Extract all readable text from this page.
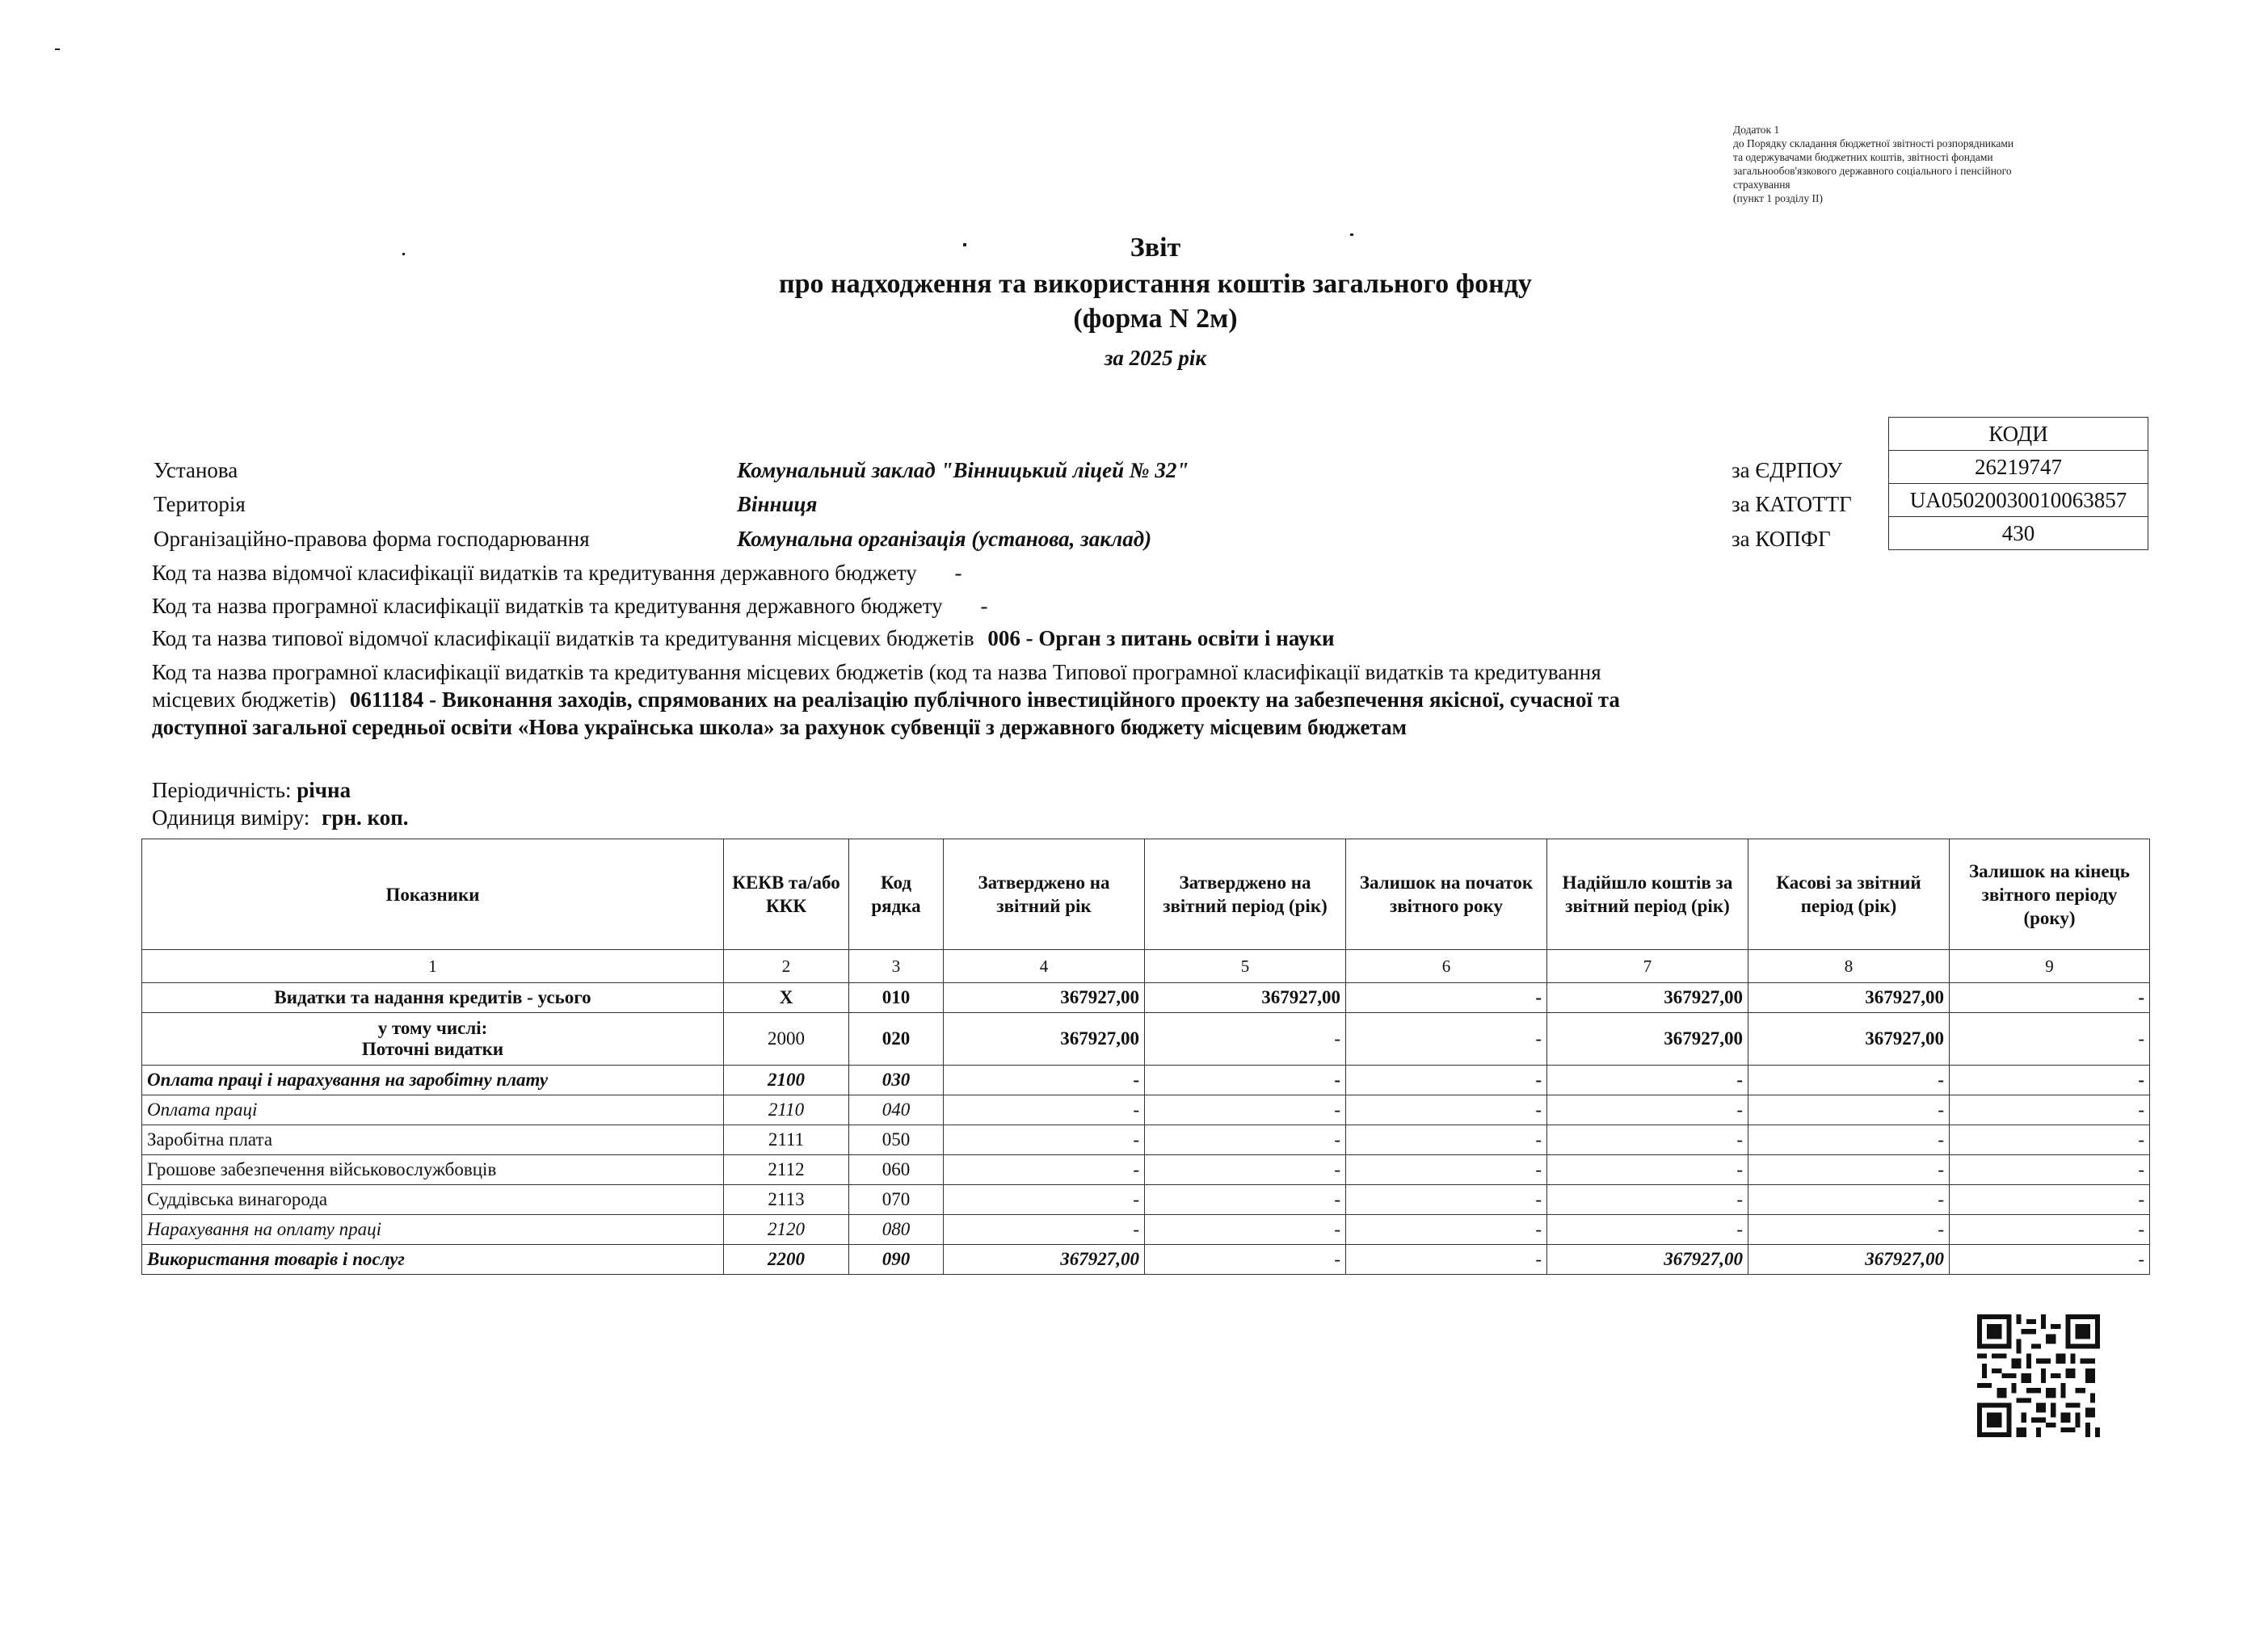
Додаток 1
до Порядку складання бюджетної звітності розпорядниками
та одержувачами бюджетних коштів, звітності фондами
загальнообов'язкового державного соціального і пенсійного
страхування
(пункт 1 розділу II)
Звіт
про надходження та використання коштів загального фонду
(форма N 2м)
за 2025 рік
КОДИ
26219747
UA05020030010063857
430
Установа	Комунальний заклад "Вінницький ліцей № 32"	за ЄДРПОУ
Територія	Вінниця	за КАТОТТГ
Організаційно-правова форма господарювання	Комунальна організація (установа, заклад)	за КОПФГ
Код та назва відомчої класифікації видатків та кредитування державного бюджету -
Код та назва програмної класифікації видатків та кредитування державного бюджету -
Код та назва типової відомчої класифікації видатків та кредитування місцевих бюджетів 006 - Орган з питань освіти і науки
Код та назва програмної класифікації видатків та кредитування місцевих бюджетів (код та назва Типової програмної класифікації видатків та кредитування місцевих бюджетів) 0611184 - Виконання заходів, спрямованих на реалізацію публічного інвестиційного проекту на забезпечення якісної, сучасної та доступної загальної середньої освіти «Нова українська школа» за рахунок субвенції з державного бюджету місцевим бюджетам
Періодичність: річна
Одиниця виміру: грн. коп.
Показники	КЕКВ та/або ККК	Код рядка	Затверджено на звітний рік	Затверджено на звітний період (рік)	Залишок на початок звітного року	Надійшло коштів за звітний період (рік)	Касові за звітний період (рік)	Залишок на кінець звітного періоду (року)
1	2	3	4	5	6	7	8	9
Видатки та надання кредитів - усього	X	010	367927,00	367927,00	-	367927,00	367927,00	-

у тому числі:
Поточні видатки	2000	020	367927,00	-	-	367927,00	367927,00	-
Оплата праці і нарахування на заробітну плату	2100	030	-	-	-	-	-	-
Оплата праці	2110	040	-	-	-	-	-	-
Заробітна плата	2111	050	-	-	-	-	-	-
Грошове забезпечення військовослужбовців	2112	060	-	-	-	-	-	-
Суддівська винагорода	2113	070	-	-	-	-	-	-
Нарахування на оплату праці	2120	080	-	-	-	-	-	-
Використання товарів і послуг	2200	090	367927,00	-	-	367927,00	367927,00	-
